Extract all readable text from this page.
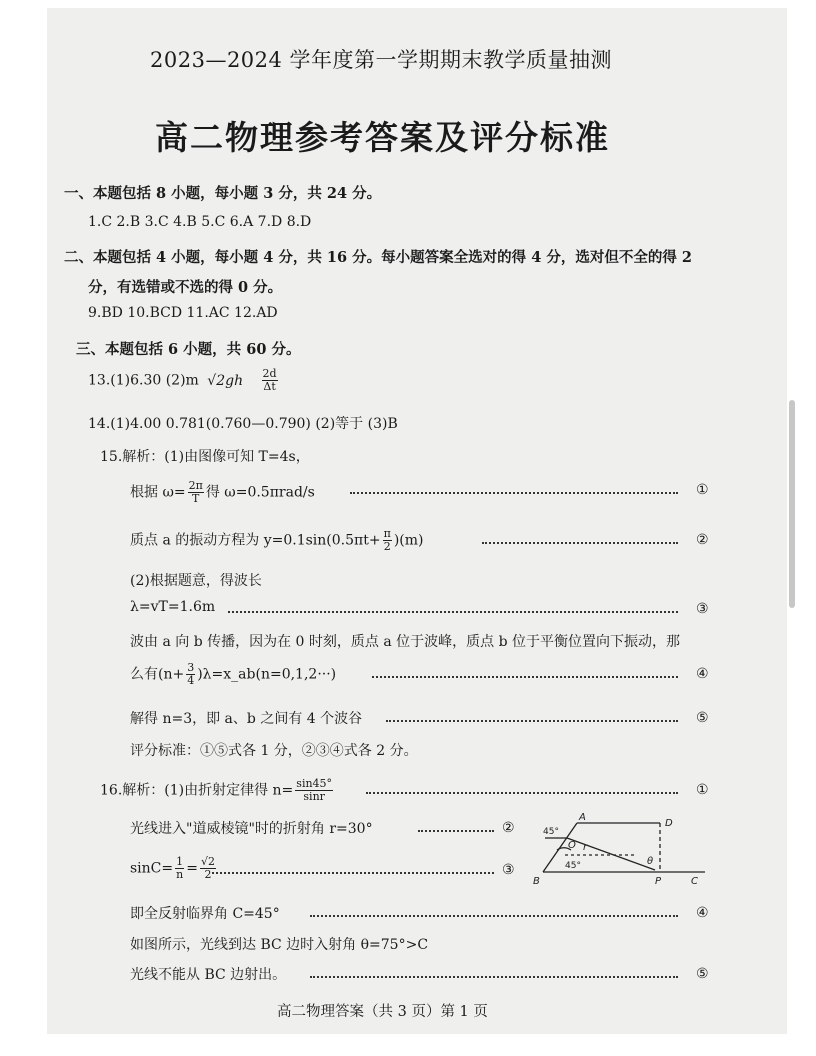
2023—2024 学年度第一学期期末教学质量抽测
高二物理参考答案及评分标准
一、本题包括 8 小题，每小题 3 分，共 24 分。
1.C 2.B 3.C 4.B 5.C 6.A 7.D 8.D
二、本题包括 4 小题，每小题 4 分，共 16 分。每小题答案全选对的得 4 分，选对但不全的得 2
分，有选错或不选的得 0 分。
9.BD 10.BCD 11.AC 12.AD
三、本题包括 6 小题，共 60 分。
13.(1)6.30 (2)m $√2gh \frac{2d}{\Delta t}$
14.(1)4.00 0.781(0.760—0.790) (2)等于 (3)B
15.解析：(1)由图像可知 T=4s，
根据 $\omega= \frac{2\pi}{T}$ 得 ω=0.5πrad/s	①
质点 a 的振动方程为 $y=0.1\sin(0.5\pi t+ \frac{\pi}{2} )(m)$	②
(2)根据题意，得波长
λ=vT=1.6m	③
波由 a 向 b 传播，因为在 0 时刻，质点 a 位于波峰，质点 b 位于平衡位置向下振动，那
么有($n+ \frac{3}{4}$ )λ=x_ab(n=0,1,2···)	④
解得 n=3，即 a、b 之间有 4 个波谷	⑤
评分标准：①⑤式各 1 分，②③④式各 2 分。
16.解析：(1)由折射定律得 $n= \frac{\sin 45^\circ}{\sin r}$	①
光线进入"道威棱镜"时的折射角 r=30°	②
$\sin C= \frac{1}{n} = \frac{√2}{2}$	③
即全反射临界角 C=45°	④
如图所示，光线到达 BC 边时入射角 θ=75°>C
光线不能从 BC 边射出。	⑤
A
D
B	C
P
O
θ
r
45°
45°
高二物理答案（共 3 页）第 1 页
